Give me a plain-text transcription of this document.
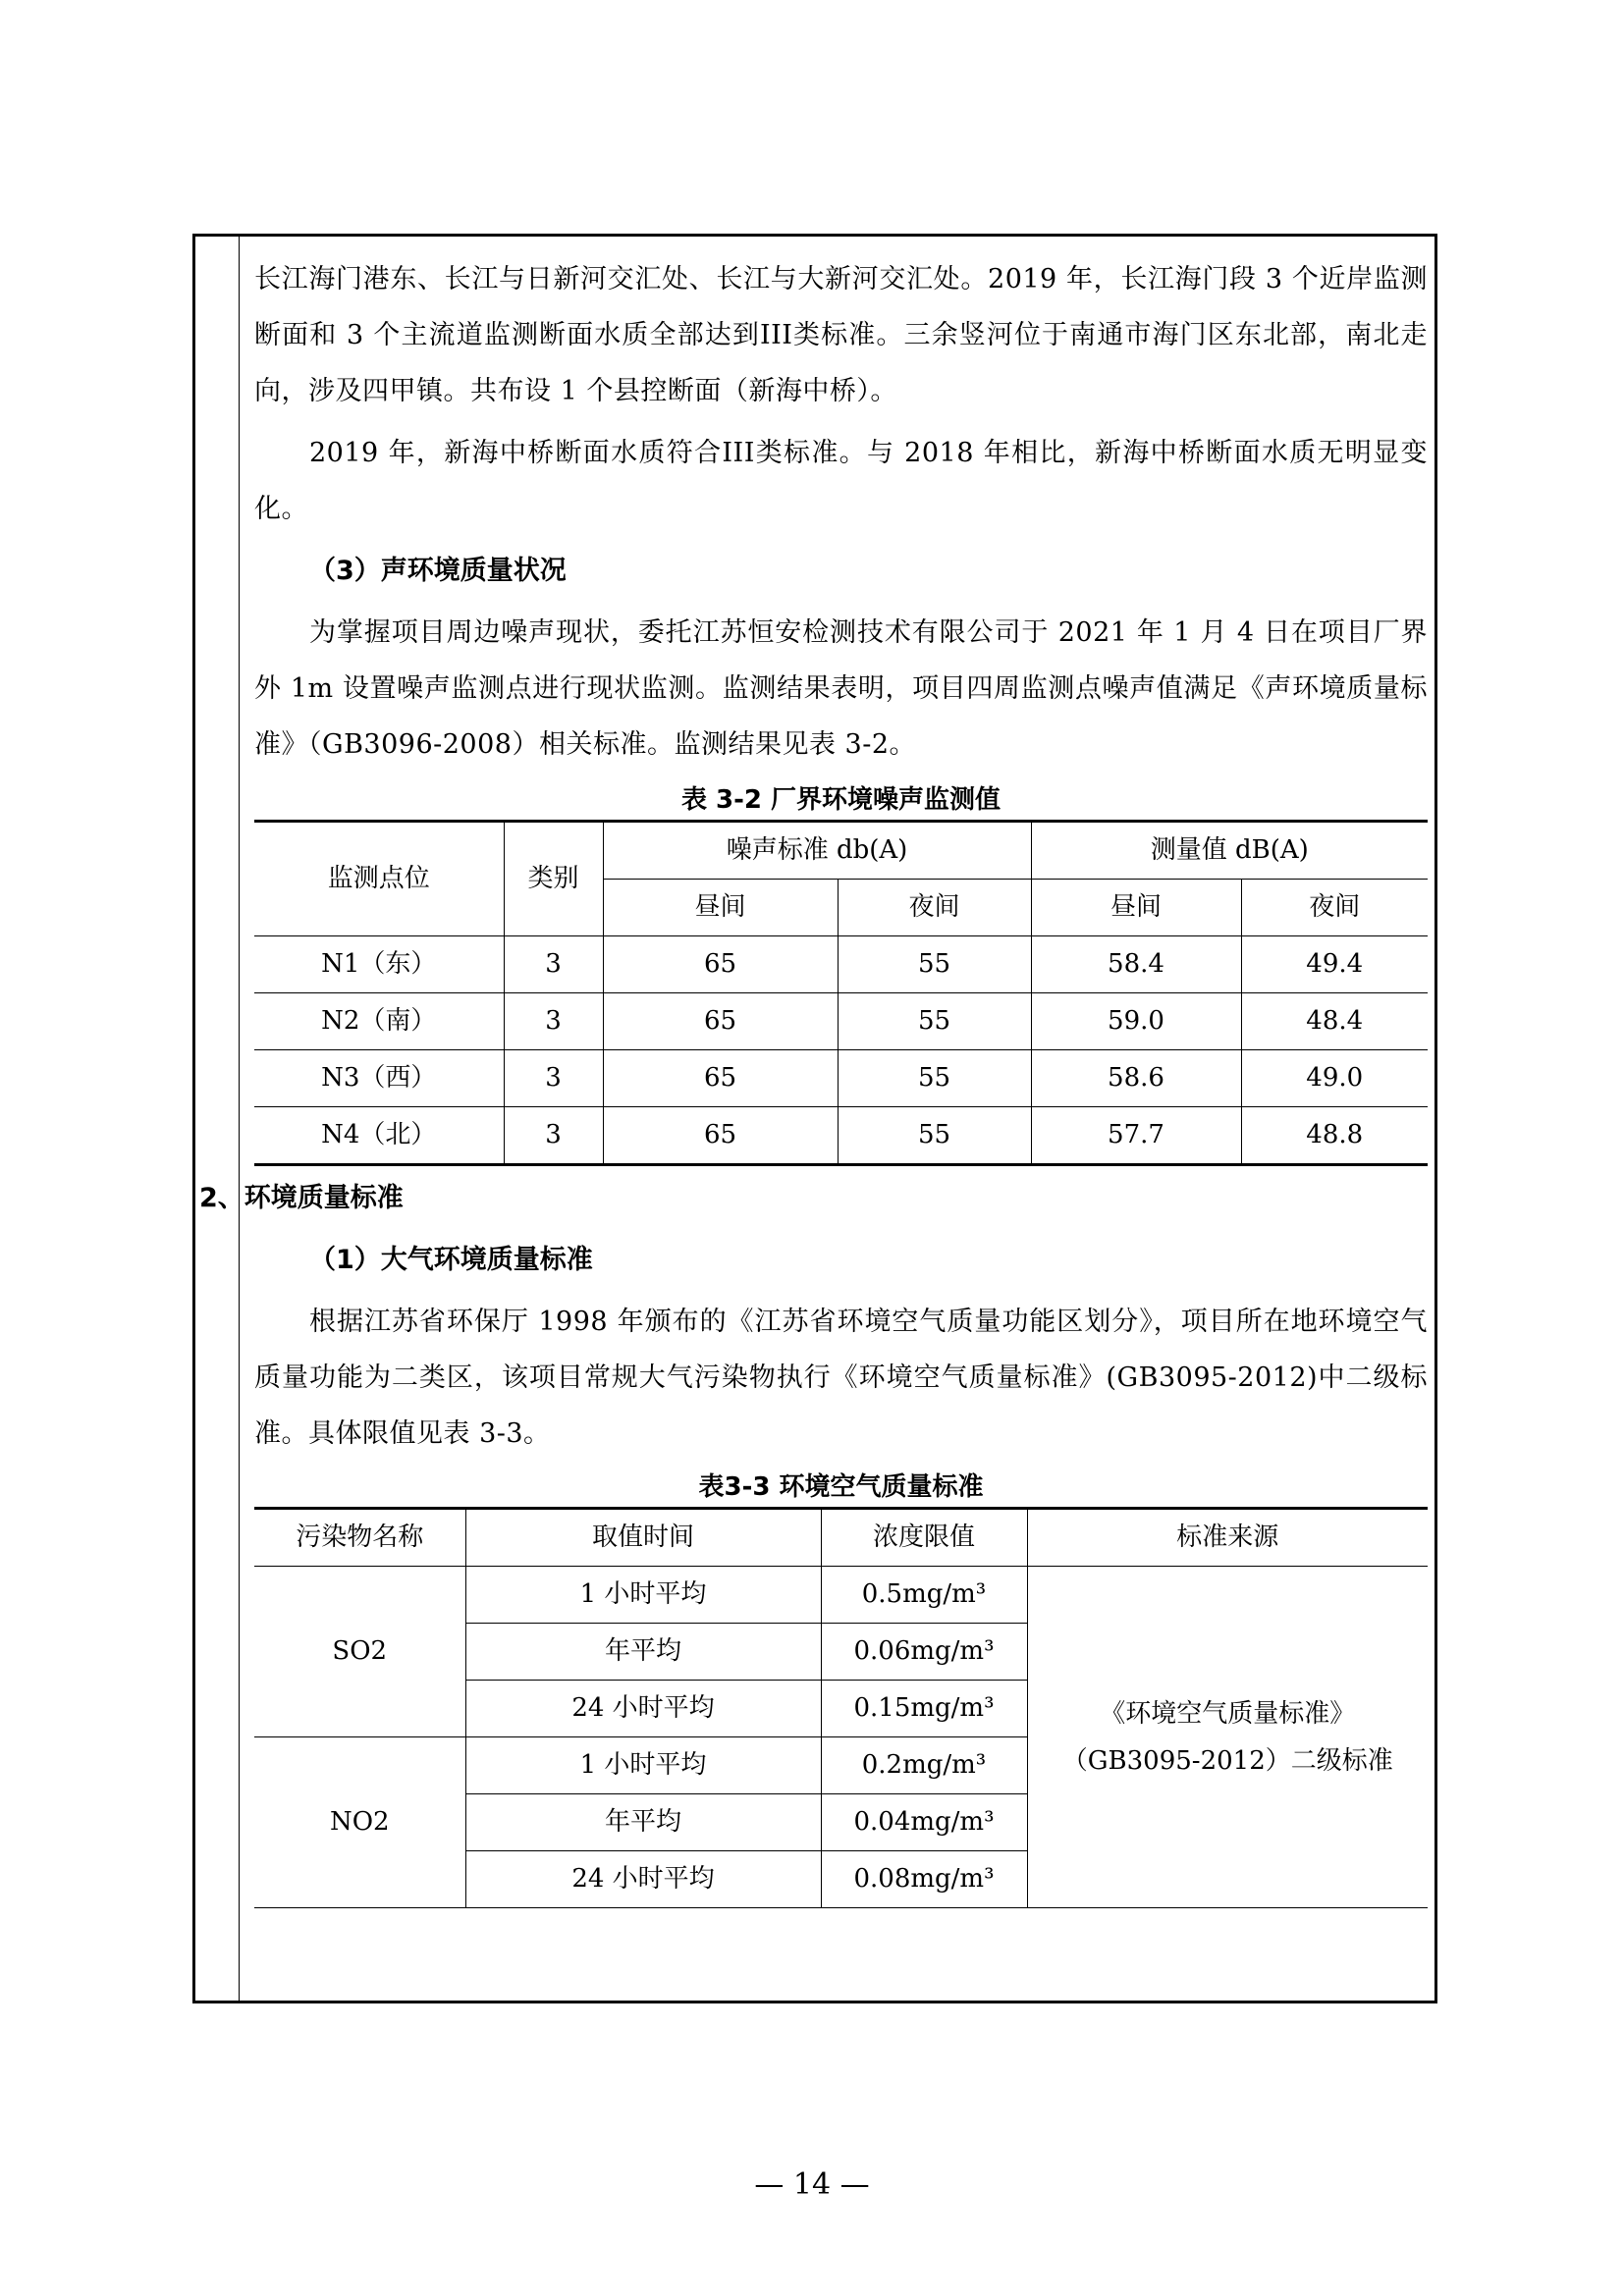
长江海门港东、长江与日新河交汇处、长江与大新河交汇处。2019 年，长江海门段 3 个近岸监测断面和 3 个主流道监测断面水质全部达到III类标准。三余竖河位于南通市海门区东北部，南北走向，涉及四甲镇。共布设 1 个县控断面（新海中桥）。

2019 年，新海中桥断面水质符合III类标准。与 2018 年相比，新海中桥断面水质无明显变化。

（3）声环境质量状况

为掌握项目周边噪声现状，委托江苏恒安检测技术有限公司于 2021 年 1 月 4 日在项目厂界外 1m 设置噪声监测点进行现状监测。监测结果表明，项目四周监测点噪声值满足《声环境质量标准》（GB3096-2008）相关标准。监测结果见表 3-2。

表 3-2 厂界环境噪声监测值
监测点位	类别	噪声标准 db(A)		测量值 dB(A)	
		昼间	夜间	昼间	夜间
N1（东）	3	65	55	58.4	49.4
N2（南）	3	65	55	59.0	48.4
N3（西）	3	65	55	58.6	49.0
N4（北）	3	65	55	57.7	48.8

2、环境质量标准

（1）大气环境质量标准

根据江苏省环保厅 1998 年颁布的《江苏省环境空气质量功能区划分》，项目所在地环境空气质量功能为二类区，该项目常规大气污染物执行《环境空气质量标准》(GB3095-2012)中二级标准。具体限值见表 3-3。

表3-3 环境空气质量标准
污染物名称	取值时间	浓度限值	标准来源
SO2	1 小时平均	0.5mg/m³	《环境空气质量标准》
（GB3095-2012）二级标准

	年平均	0.06mg/m³	
	24 小时平均	0.15mg/m³	
NO2	1 小时平均	0.2mg/m³	
	年平均	0.04mg/m³	
	24 小时平均	0.08mg/m³	
— 14 —
